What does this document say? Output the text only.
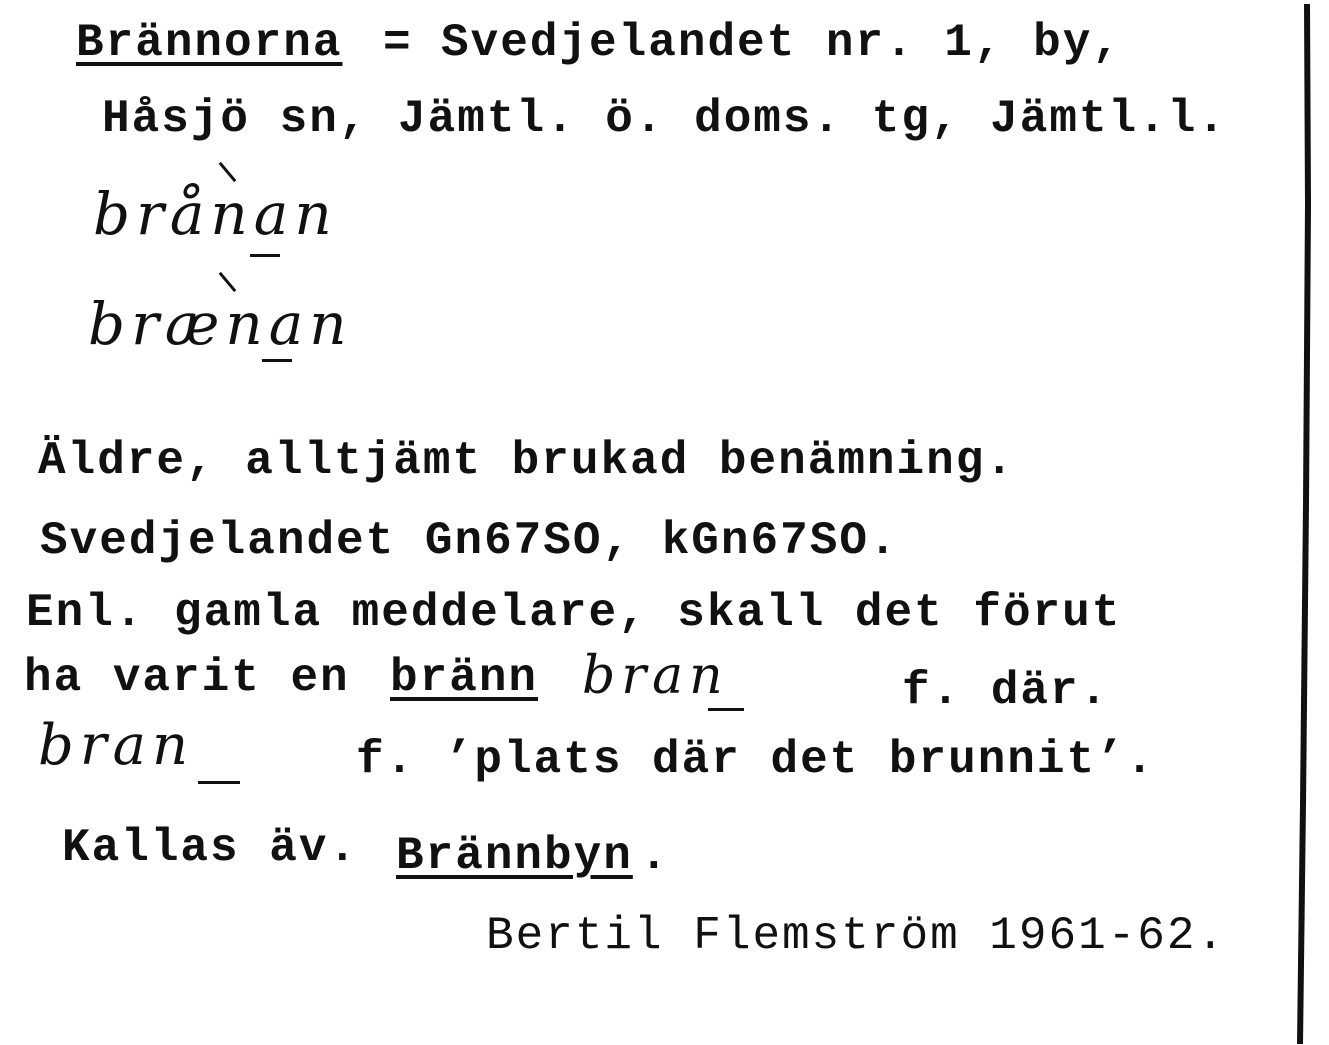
Brännorna = Svedjelandet nr. 1, by,
Håsjö sn, Jämtl. ö. doms. tg, Jämtl.l.
brånan
brænan
Äldre, alltjämt brukad benämning.
Svedjelandet Gn67SO, kGn67SO.
Enl. gamla meddelare, skall det förut
ha varit en bränn bran	f. där.
bran	f. ’plats där det brunnit’.
Kallas äv. Brännbyn .
Bertil Flemström 1961-62.
